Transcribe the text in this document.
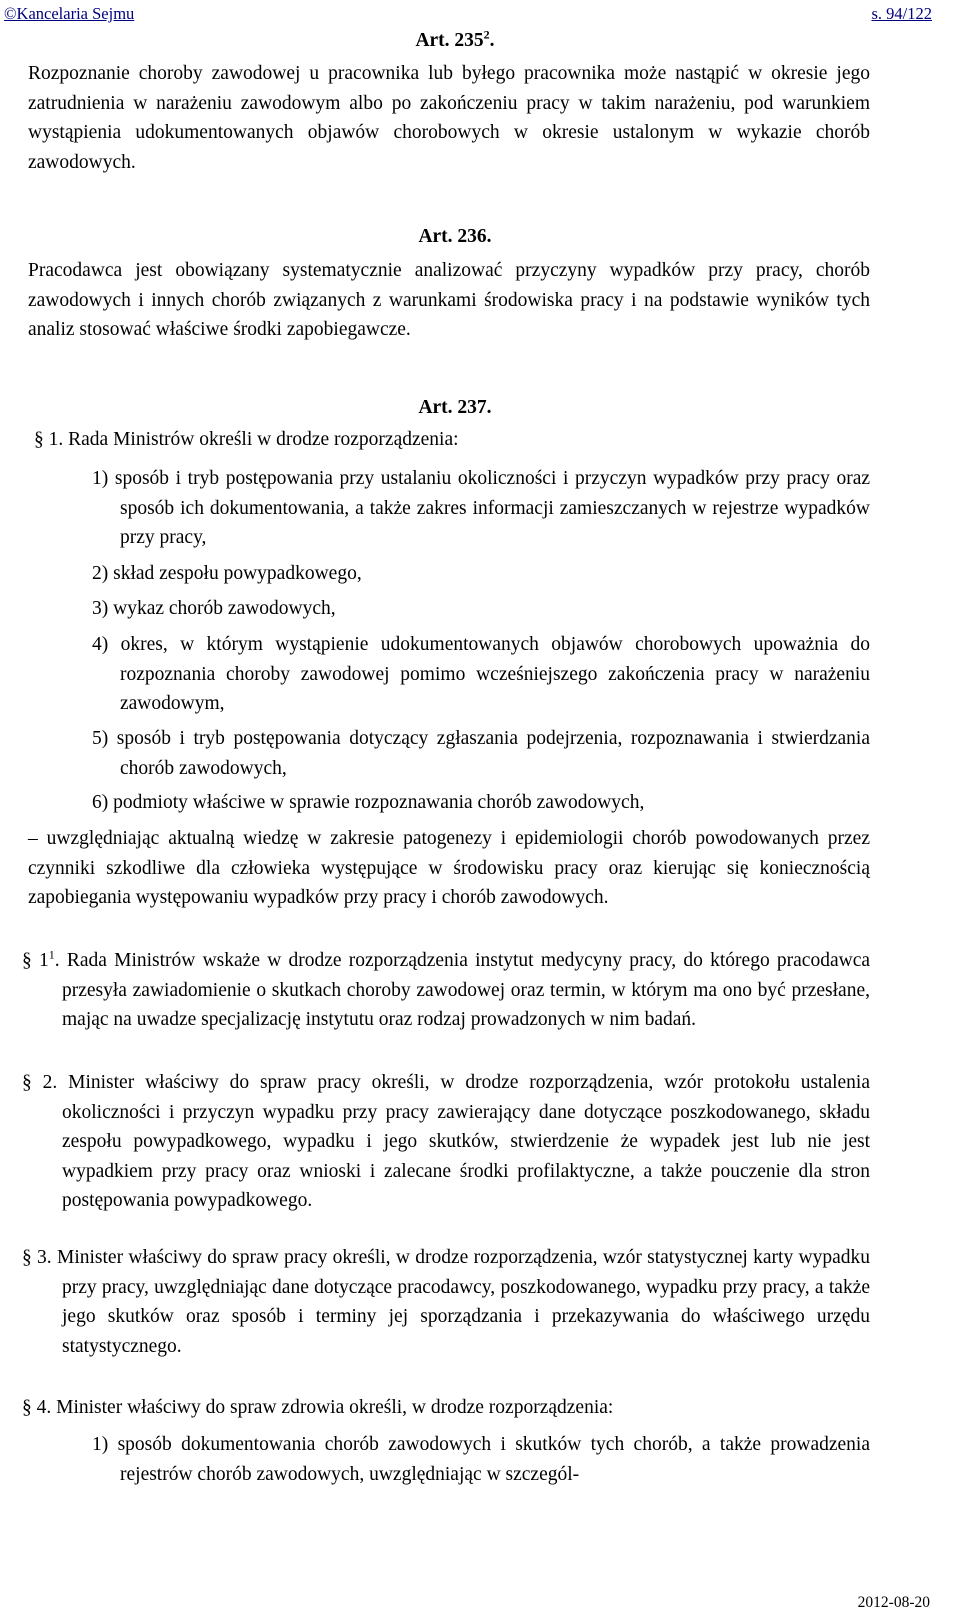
©Kancelaria Sejmu	s. 94/122
Art. $235^2$.
Rozpoznanie choroby zawodowej u pracownika lub byłego pracownika może nastąpić w okresie jego zatrudnienia w narażeniu zawodowym albo po zakończeniu pracy w takim narażeniu, pod warunkiem wystąpienia udokumentowanych objawów chorobowych w okresie ustalonym w wykazie chorób zawodowych.
Art. 236.
Pracodawca jest obowiązany systematycznie analizować przyczyny wypadków przy pracy, chorób zawodowych i innych chorób związanych z warunkami środowiska pracy i na podstawie wyników tych analiz stosować właściwe środki zapobiegawcze.
Art. 237.
§ 1. Rada Ministrów określi w drodze rozporządzenia:
1) sposób i tryb postępowania przy ustalaniu okoliczności i przyczyn wypadków przy pracy oraz sposób ich dokumentowania, a także zakres informacji zamieszczanych w rejestrze wypadków przy pracy,
2) skład zespołu powypadkowego,
3) wykaz chorób zawodowych,
4) okres, w którym wystąpienie udokumentowanych objawów chorobowych upoważnia do rozpoznania choroby zawodowej pomimo wcześniejszego zakończenia pracy w narażeniu zawodowym,
5) sposób i tryb postępowania dotyczący zgłaszania podejrzenia, rozpoznawania i stwierdzania chorób zawodowych,
6) podmioty właściwe w sprawie rozpoznawania chorób zawodowych,
– uwzględniając aktualną wiedzę w zakresie patogenezy i epidemiologii chorób powodowanych przez czynniki szkodliwe dla człowieka występujące w środowisku pracy oraz kierując się koniecznością zapobiegania występowaniu wypadków przy pracy i chorób zawodowych.
§ $1^1$. Rada Ministrów wskaże w drodze rozporządzenia instytut medycyny pracy, do którego pracodawca przesyła zawiadomienie o skutkach choroby zawodowej oraz termin, w którym ma ono być przesłane, mając na uwadze specjalizację instytutu oraz rodzaj prowadzonych w nim badań.
§ 2. Minister właściwy do spraw pracy określi, w drodze rozporządzenia, wzór protokołu ustalenia okoliczności i przyczyn wypadku przy pracy zawierający dane dotyczące poszkodowanego, składu zespołu powypadkowego, wypadku i jego skutków, stwierdzenie że wypadek jest lub nie jest wypadkiem przy pracy oraz wnioski i zalecane środki profilaktyczne, a także pouczenie dla stron postępowania powypadkowego.
§ 3. Minister właściwy do spraw pracy określi, w drodze rozporządzenia, wzór statystycznej karty wypadku przy pracy, uwzględniając dane dotyczące pracodawcy, poszkodowanego, wypadku przy pracy, a także jego skutków oraz sposób i terminy jej sporządzania i przekazywania do właściwego urzędu statystycznego.
§ 4. Minister właściwy do spraw zdrowia określi, w drodze rozporządzenia:
1) sposób dokumentowania chorób zawodowych i skutków tych chorób, a także prowadzenia rejestrów chorób zawodowych, uwzględniając w szczegól-
2012-08-20
